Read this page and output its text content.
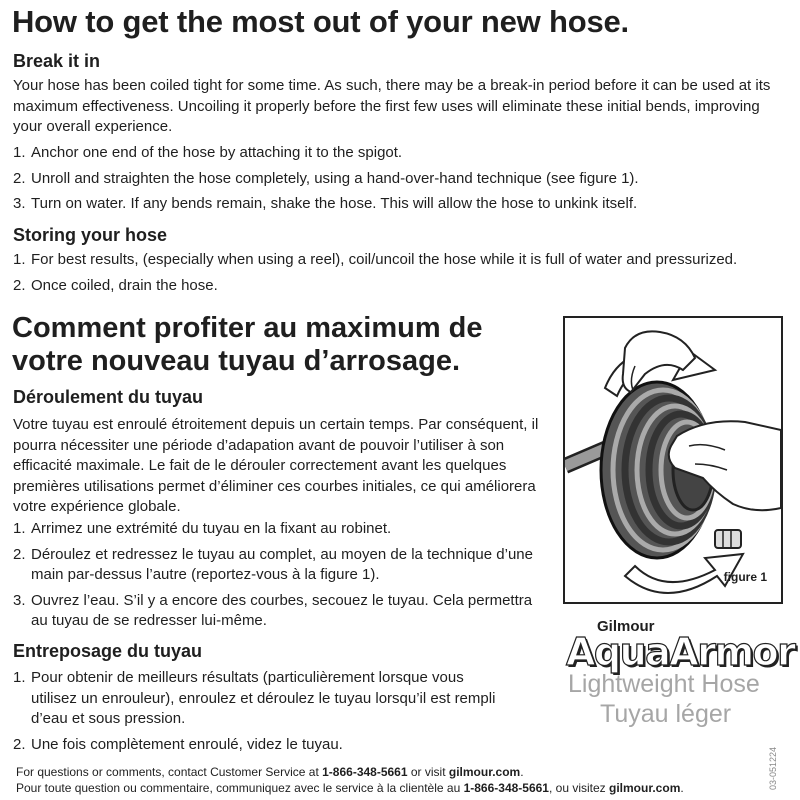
How to get the most out of your new hose.
Break it in

Your hose has been coiled tight for some time. As such, there may be a break-in period before it can be used at its maximum effectiveness. Uncoiling it properly before the first few uses will eliminate these initial bends, improving your overall experience.

1. Anchor one end of the hose by attaching it to the spigot.
2. Unroll and straighten the hose completely, using a hand-over-hand technique (see figure 1).
3. Turn on water. If any bends remain, shake the hose. This will allow the hose to unkink itself.
Storing your hose
1. For best results, (especially when using a reel), coil/uncoil the hose while it is full of water and pressurized.
2. Once coiled, drain the hose.
Comment profiter au maximum de votre nouveau tuyau d’arrosage.
Déroulement du tuyau

Votre tuyau est enroulé étroitement depuis un certain temps. Par conséquent, il pourra nécessiter une période d’adapation avant de pouvoir l’utiliser à son efficacité maximale. Le fait de le dérouler correctement avant les quelques premières utilisations permet d’éliminer ces courbes initiales, ce qui améliorera votre expérience globale.

1. Arrimez une extrémité du tuyau en la fixant au robinet.
2. Déroulez et redressez le tuyau au complet, au moyen de la technique d’une main par-dessus l’autre (reportez-vous à la figure 1).
3. Ouvrez l’eau. S’il y a encore des courbes, secouez le tuyau. Cela permettra au tuyau de se redresser lui-même.
Entreposage du tuyau
1. Pour obtenir de meilleurs résultats (particulièrement lorsque vous utilisez un enrouleur), enroulez et déroulez le tuyau lorsqu’il est rempli d’eau et sous pression.
2. Une fois complètement enroulé, videz le tuyau.
figure 1
Gilmour
AquaArmor
Lightweight Hose
Tuyau léger
03-051224
For questions or comments, contact Customer Service at 1-866-348-5661 or visit gilmour.com.
Pour toute question ou commentaire, communiquez avec le service à la clientèle au 1-866-348-5661, ou visitez gilmour.com.
